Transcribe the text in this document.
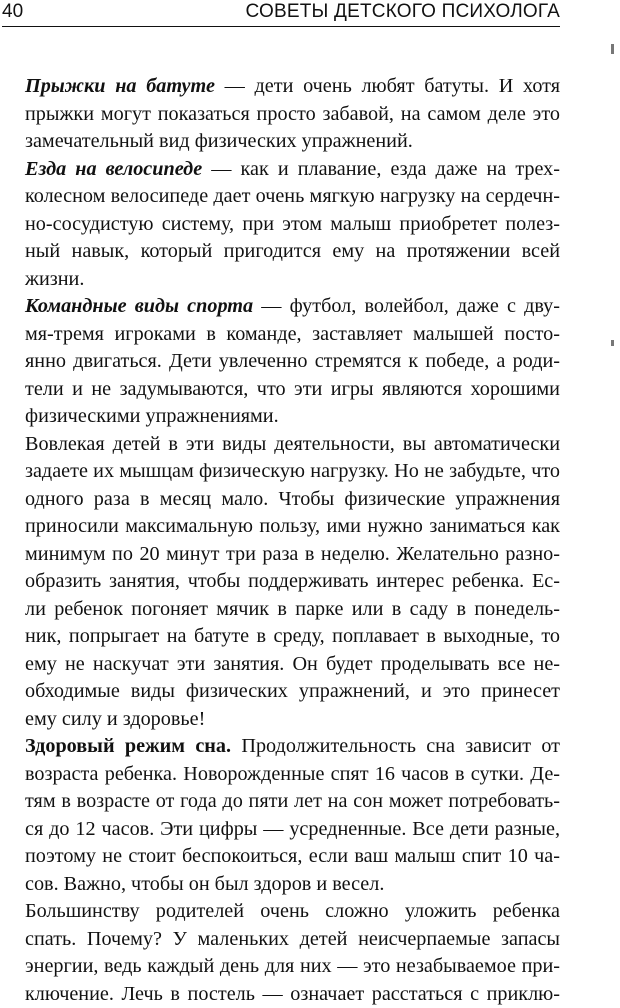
40	СОВЕТЫ ДЕТСКОГО ПСИХОЛОГА

Прыжки на батуте — дети очень любят батуты. И хотя

прыжки могут показаться просто забавой, на самом деле это

замечательный вид физических упражнений.

Езда на велосипеде — как и плавание, езда даже на трех-

колесном велосипеде дает очень мягкую нагрузку на сердечн-

но-сосудистую систему, при этом малыш приобретет полез-

ный навык, который пригодится ему на протяжении всей

жизни.

Командные виды спорта — футбол, волейбол, даже с дву-

мя-тремя игроками в команде, заставляет малышей посто-

янно двигаться. Дети увлеченно стремятся к победе, а роди-

тели и не задумываются, что эти игры являются хорошими

физическими упражнениями.

Вовлекая детей в эти виды деятельности, вы автоматически

задаете их мышцам физическую нагрузку. Но не забудьте, что

одного раза в месяц мало. Чтобы физические упражнения

приносили максимальную пользу, ими нужно заниматься как

минимум по 20 минут три раза в неделю. Желательно разно-

образить занятия, чтобы поддерживать интерес ребенка. Ес-

ли ребенок погоняет мячик в парке или в саду в понедель-

ник, попрыгает на батуте в среду, поплавает в выходные, то

ему не наскучат эти занятия. Он будет проделывать все не-

обходимые виды физических упражнений, и это принесет

ему силу и здоровье!

Здоровый режим сна. Продолжительность сна зависит от

возраста ребенка. Новорожденные спят 16 часов в сутки. Де-

тям в возрасте от года до пяти лет на сон может потребовать-

ся до 12 часов. Эти цифры — усредненные. Все дети разные,

поэтому не стоит беспокоиться, если ваш малыш спит 10 ча-

сов. Важно, чтобы он был здоров и весел.

Большинству родителей очень сложно уложить ребенка

спать. Почему? У маленьких детей неисчерпаемые запасы

энергии, ведь каждый день для них — это незабываемое при-

ключение. Лечь в постель — означает расстаться с приклю-
